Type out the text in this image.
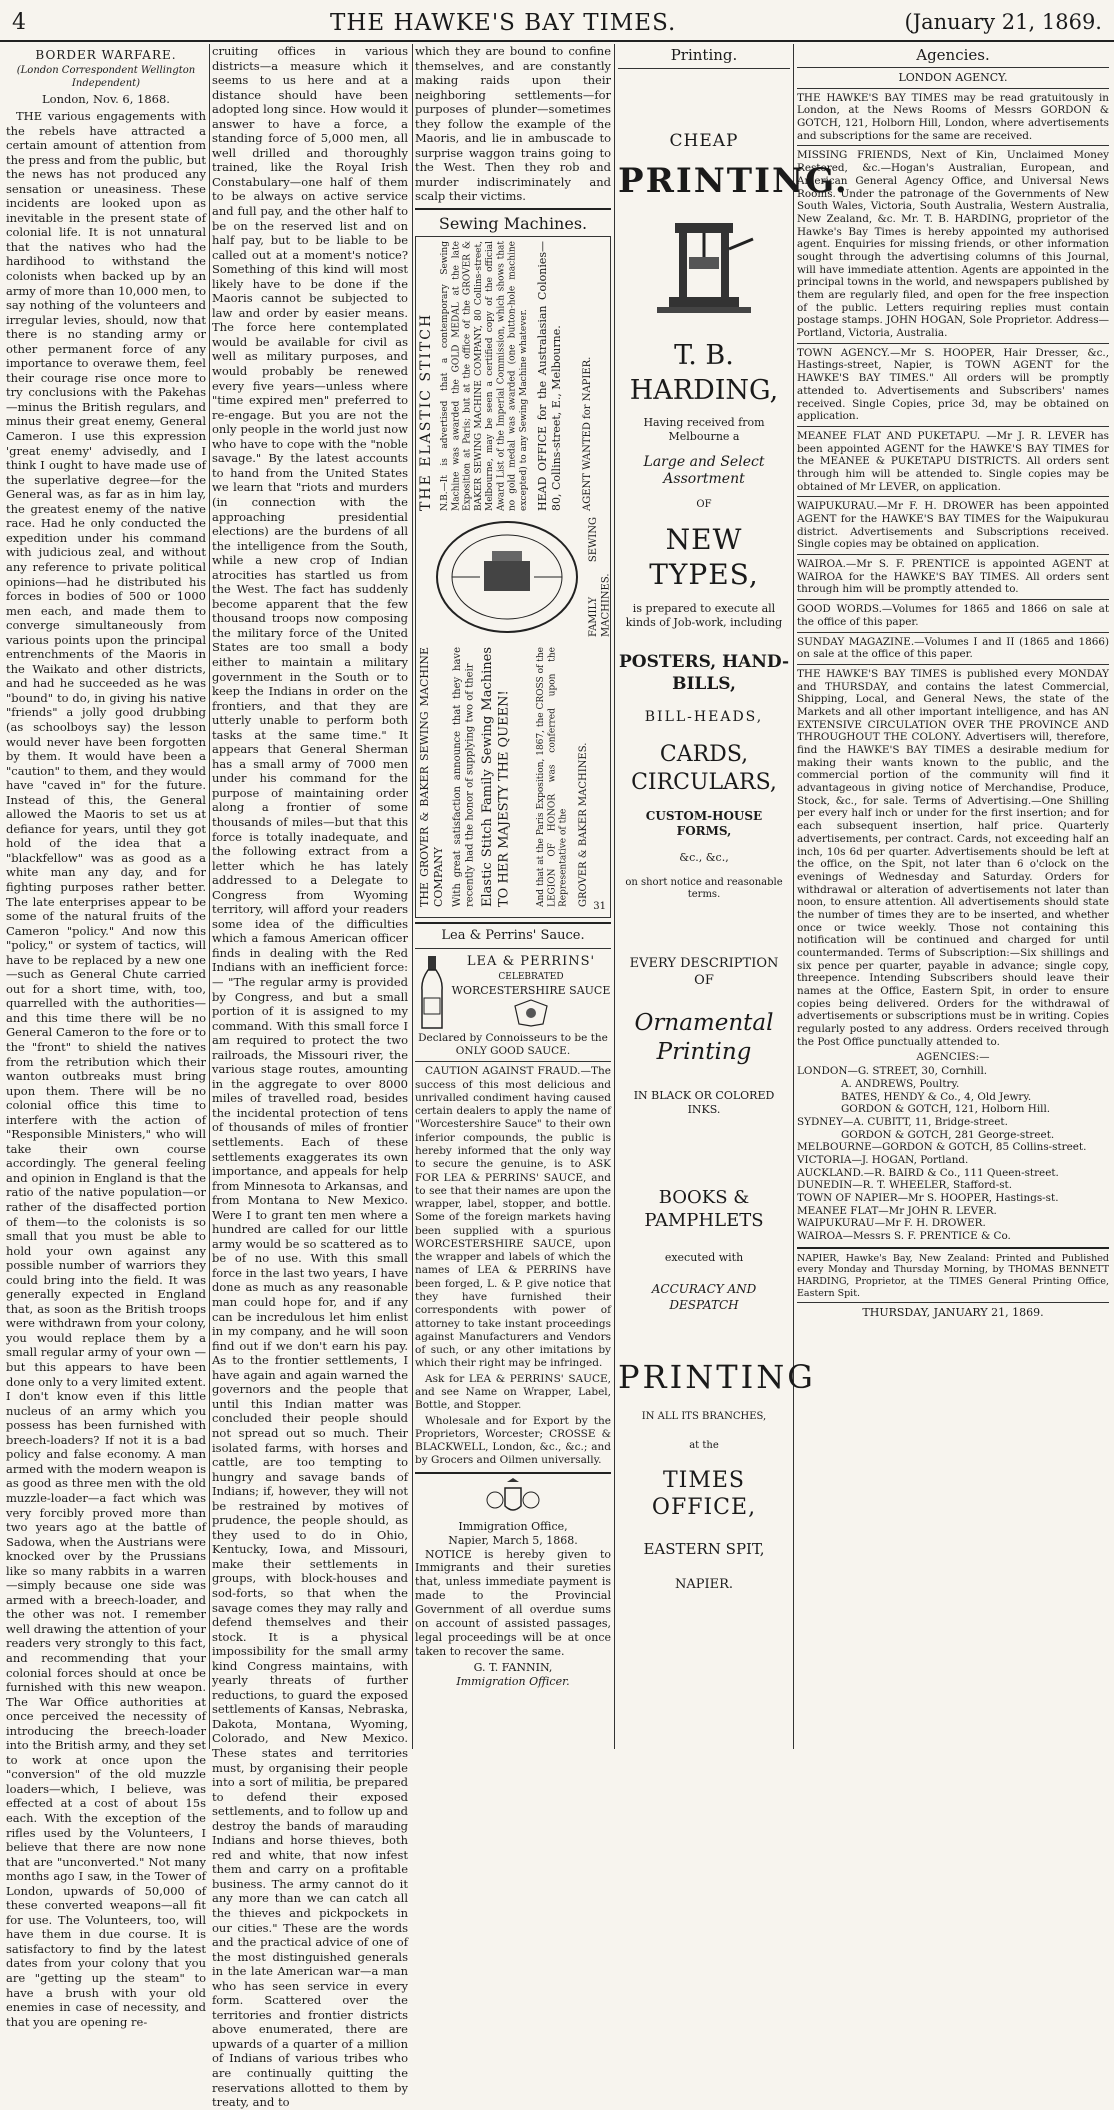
4	THE HAWKE'S BAY TIMES.	(January 21, 1869.
BORDER WARFARE.
(London Correspondent Wellington Independent)
London, Nov. 6, 1868.

THE various engagements with the rebels have attracted a certain amount of attention from the press and from the public, but the news has not produced any sensation or uneasiness. These incidents are looked upon as inevitable in the present state of colonial life. It is not unnatural that the natives who had the hardihood to withstand the colonists when backed up by an army of more than 10,000 men, to say nothing of the volunteers and irregular levies, should, now that there is no standing army or other permanent force of any importance to overawe them, feel their courage rise once more to try conclusions with the Pakehas—minus the British regulars, and minus their great enemy, General Cameron. I use this expression 'great enemy' advisedly, and I think I ought to have made use of the superlative degree—for the General was, as far as in him lay, the greatest enemy of the native race. Had he only conducted the expedition under his command with judicious zeal, and without any reference to private political opinions—had he distributed his forces in bodies of 500 or 1000 men each, and made them to converge simultaneously from various points upon the principal entrenchments of the Maoris in the Waikato and other districts, and had he succeeded as he was "bound" to do, in giving his native "friends" a jolly good drubbing (as schoolboys say) the lesson would never have been forgotten by them. It would have been a "caution" to them, and they would have "caved in" for the future. Instead of this, the General allowed the Maoris to set us at defiance for years, until they got hold of the idea that a "blackfellow" was as good as a white man any day, and for fighting purposes rather better. The late enterprises appear to be some of the natural fruits of the Cameron "policy." And now this "policy," or system of tactics, will have to be replaced by a new one—such as General Chute carried out for a short time, with, too, quarrelled with the authorities—and this time there will be no General Cameron to the fore or to the "front" to shield the natives from the retribution which their wanton outbreaks must bring upon them. There will be no colonial office this time to interfere with the action of "Responsible Ministers," who will take their own course accordingly. The general feeling and opinion in England is that the ratio of the native population—or rather of the disaffected portion of them—to the colonists is so small that you must be able to hold your own against any possible number of warriors they could bring into the field. It was generally expected in England that, as soon as the British troops were withdrawn from your colony, you would replace them by a small regular army of your own —but this appears to have been done only to a very limited extent. I don't know even if this little nucleus of an army which you possess has been furnished with breech-loaders? If not it is a bad policy and false economy. A man armed with the modern weapon is as good as three men with the old muzzle-loader—a fact which was very forcibly proved more than two years ago at the battle of Sadowa, when the Austrians were knocked over by the Prussians like so many rabbits in a warren—simply because one side was armed with a breech-loader, and the other was not. I remember well drawing the attention of your readers very strongly to this fact, and recommending that your colonial forces should at once be furnished with this new weapon. The War Office authorities at once perceived the necessity of introducing the breech-loader into the British army, and they set to work at once upon the "conversion" of the old muzzle loaders—which, I believe, was effected at a cost of about 15s each. With the exception of the rifles used by the Volunteers, I believe that there are now none that are "unconverted." Not many months ago I saw, in the Tower of London, upwards of 50,000 of these converted weapons—all fit for use. The Volunteers, too, will have them in due course. It is satisfactory to find by the latest dates from your colony that you are "getting up the steam" to have a brush with your old enemies in case of necessity, and that you are opening re-

cruiting offices in various districts—a measure which it seems to us here and at a distance should have been adopted long since. How would it answer to have a force, a standing force of 5,000 men, all well drilled and thoroughly trained, like the Royal Irish Constabulary—one half of them to be always on active service and full pay, and the other half to be on the reserved list and on half pay, but to be liable to be called out at a moment's notice? Something of this kind will most likely have to be done if the Maoris cannot be subjected to law and order by easier means. The force here contemplated would be available for civil as well as military purposes, and would probably be renewed every five years—unless where "time expired men" preferred to re-engage. But you are not the only people in the world just now who have to cope with the "noble savage." By the latest accounts to hand from the United States we learn that "riots and murders (in connection with the approaching presidential elections) are the burdens of all the intelligence from the South, while a new crop of Indian atrocities has startled us from the West. The fact has suddenly become apparent that the few thousand troops now composing the military force of the United States are too small a body either to maintain a military government in the South or to keep the Indians in order on the frontiers, and that they are utterly unable to perform both tasks at the same time." It appears that General Sherman has a small army of 7000 men under his command for the purpose of maintaining order along a frontier of some thousands of miles—but that this force is totally inadequate, and the following extract from a letter which he has lately addressed to a Delegate to Congress from Wyoming territory, will afford your readers some idea of the difficulties which a famous American officer finds in dealing with the Red Indians with an inefficient force:— "The regular army is provided by Congress, and but a small portion of it is assigned to my command. With this small force I am required to protect the two railroads, the Missouri river, the various stage routes, amounting in the aggregate to over 8000 miles of travelled road, besides the incidental protection of tens of thousands of miles of frontier settlements. Each of these settlements exaggerates its own importance, and appeals for help from Minnesota to Arkansas, and from Montana to New Mexico. Were I to grant ten men where a hundred are called for our little army would be so scattered as to be of no use. With this small force in the last two years, I have done as much as any reasonable man could hope for, and if any can be incredulous let him enlist in my company, and he will soon find out if we don't earn his pay. As to the frontier settlements, I have again and again warned the governors and the people that until this Indian matter was concluded their people should not spread out so much. Their isolated farms, with horses and cattle, are too tempting to hungry and savage bands of Indians; if, however, they will not be restrained by motives of prudence, the people should, as they used to do in Ohio, Kentucky, Iowa, and Missouri, make their settlements in groups, with block-houses and sod-forts, so that when the savage comes they may rally and defend themselves and their stock. It is a physical impossibility for the small army kind Congress maintains, with yearly threats of further reductions, to guard the exposed settlements of Kansas, Nebraska, Dakota, Montana, Wyoming, Colorado, and New Mexico. These states and territories must, by organising their people into a sort of militia, be prepared to defend their exposed settlements, and to follow up and destroy the bands of marauding Indians and horse thieves, both red and white, that now infest them and carry on a profitable business. The army cannot do it any more than we can catch all the thieves and pickpockets in our cities." These are the words and the practical advice of one of the most distinguished generals in the late American war—a man who has seen service in every form. Scattered over the territories and frontier districts above enumerated, there are upwards of a quarter of a million of Indians of various tribes who are continually quitting the reservations allotted to them by treaty, and to

which they are bound to confine themselves, and are constantly making raids upon their neighboring settlements—for purposes of plunder—sometimes they follow the example of the Maoris, and lie in ambuscade to surprise waggon trains going to the West. Then they rob and murder indiscriminately and scalp their victims.

Sewing Machines.
THE ELASTIC STITCH N.B.—It is advertised that a contemporary Sewing Machine was awarded the GOLD MEDAL at the late Exposition at Paris; but at the office of the GROVER & BAKER SEWING MACHINE COMPANY, 80 Collins-street, Melbourne, may be seen a certified copy of the official Award List of the Imperial Commission, which shows that no gold medal was awarded (one button-hole machine excepted) to any Sewing Machine whatever. HEAD OFFICE for the Australasian Colonies— 80, Collins-street, E., Melbourne. AGENT WANTED for NAPIER.
FAMILY SEWING MACHINES.
THE GROVER & BAKER SEWING MACHINE COMPANY With great satisfaction announce that they have recently had the honor of supplying two of their Elastic Stitch Family Sewing Machines TO HER MAJESTY THE QUEEN!	And that at the Paris Exposition, 1867, the CROSS of the LEGION OF HONOR was conferred upon the Representative of the GROVER & BAKER MACHINES. 31
Lea & Perrins' Sauce.
LEA & PERRINS'
CELEBRATED
WORCESTERSHIRE SAUCE
Declared by Connoisseurs to be the ONLY GOOD SAUCE.

CAUTION AGAINST FRAUD.—The success of this most delicious and unrivalled condiment having caused certain dealers to apply the name of "Worcestershire Sauce" to their own inferior compounds, the public is hereby informed that the only way to secure the genuine, is to ASK FOR LEA & PERRINS' SAUCE, and to see that their names are upon the wrapper, label, stopper, and bottle. Some of the foreign markets having been supplied with a spurious WORCESTERSHIRE SAUCE, upon the wrapper and labels of which the names of LEA & PERRINS have been forged, L. & P. give notice that they have furnished their correspondents with power of attorney to take instant proceedings against Manufacturers and Vendors of such, or any other imitations by which their right may be infringed.

Ask for LEA & PERRINS' SAUCE, and see Name on Wrapper, Label, Bottle, and Stopper.

Wholesale and for Export by the Proprietors, Worcester; CROSSE & BLACKWELL, London, &c., &c.; and by Grocers and Oilmen universally.

Immigration Office,
Napier, March 5, 1868.

NOTICE is hereby given to Immigrants and their sureties that, unless immediate payment is made to the Provincial Government of all overdue sums on account of assisted passages, legal proceedings will be at once taken to recover the same.

G. T. FANNIN,
Immigration Officer.
Printing.
CHEAP
PRINTING.
T. B. HARDING,
Having received from Melbourne a
Large and Select Assortment
OF
NEW TYPES,
is prepared to execute all kinds of Job-work, including
POSTERS, HAND-BILLS,
BILL-HEADS,
CARDS, CIRCULARS,
CUSTOM-HOUSE FORMS,
&c., &c.,
on short notice and reasonable terms.
EVERY DESCRIPTION OF
Ornamental Printing
IN BLACK OR COLORED INKS.
BOOKS & PAMPHLETS
executed with
ACCURACY AND DESPATCH
PRINTING
IN ALL ITS BRANCHES,
at the
TIMES OFFICE,
EASTERN SPIT,
NAPIER.
Agencies.
LONDON AGENCY.

THE HAWKE'S BAY TIMES may be read gratuitously in London, at the News Rooms of Messrs GORDON & GOTCH, 121, Holborn Hill, London, where advertisements and subscriptions for the same are received.

MISSING FRIENDS, Next of Kin, Unclaimed Money Restored, &c.—Hogan's Australian, European, and American General Agency Office, and Universal News Rooms. Under the patronage of the Governments of New South Wales, Victoria, South Australia, Western Australia, New Zealand, &c. Mr. T. B. HARDING, proprietor of the Hawke's Bay Times is hereby appointed my authorised agent. Enquiries for missing friends, or other information sought through the advertising columns of this Journal, will have immediate attention. Agents are appointed in the principal towns in the world, and newspapers published by them are regularly filed, and open for the free inspection of the public. Letters requiring replies must contain postage stamps. JOHN HOGAN, Sole Proprietor. Address—Portland, Victoria, Australia.

TOWN AGENCY.—Mr S. HOOPER, Hair Dresser, &c., Hastings-street, Napier, is TOWN AGENT for the HAWKE'S BAY TIMES." All orders will be promptly attended to. Advertisements and Subscribers' names received. Single Copies, price 3d, may be obtained on application.

MEANEE FLAT AND PUKETAPU. —Mr J. R. LEVER has been appointed AGENT for the HAWKE'S BAY TIMES for the MEANEE & PUKETAPU DISTRICTS. All orders sent through him will be attended to. Single copies may be obtained of Mr LEVER, on application.

WAIPUKURAU.—Mr F. H. DROWER has been appointed AGENT for the HAWKE'S BAY TIMES for the Waipukurau district. Advertisements and Subscriptions received. Single copies may be obtained on application.

WAIROA.—Mr S. F. PRENTICE is appointed AGENT at WAIROA for the HAWKE'S BAY TIMES. All orders sent through him will be promptly attended to.

GOOD WORDS.—Volumes for 1865 and 1866 on sale at the office of this paper.

SUNDAY MAGAZINE.—Volumes I and II (1865 and 1866) on sale at the office of this paper.

THE HAWKE'S BAY TIMES is published every MONDAY and THURSDAY, and contains the latest Commercial, Shipping, Local, and General News, the state of the Markets and all other important intelligence, and has AN EXTENSIVE CIRCULATION OVER THE PROVINCE AND THROUGHOUT THE COLONY. Advertisers will, therefore, find the HAWKE'S BAY TIMES a desirable medium for making their wants known to the public, and the commercial portion of the community will find it advantageous in giving notice of Merchandise, Produce, Stock, &c., for sale. Terms of Advertising.—One Shilling per every half inch or under for the first insertion; and for each subsequent insertion, half price. Quarterly advertisements, per contract. Cards, not exceeding half an inch, 10s 6d per quarter. Advertisements should be left at the office, on the Spit, not later than 6 o'clock on the evenings of Wednesday and Saturday. Orders for withdrawal or alteration of advertisements not later than noon, to ensure attention. All advertisements should state the number of times they are to be inserted, and whether once or twice weekly. Those not containing this notification will be continued and charged for until countermanded. Terms of Subscription:—Six shillings and six pence per quarter, payable in advance; single copy, threepence. Intending Subscribers should leave their names at the Office, Eastern Spit, in order to ensure copies being delivered. Orders for the withdrawal of advertisements or subscriptions must be in writing. Copies regularly posted to any address. Orders received through the Post Office punctually attended to.

AGENCIES:—
LONDON—G. STREET, 30, Cornhill.
A. ANDREWS, Poultry.
BATES, HENDY & Co., 4, Old Jewry.
GORDON & GOTCH, 121, Holborn Hill.
SYDNEY—A. CUBITT, 11, Bridge-street.
GORDON & GOTCH, 281 George-street.
MELBOURNE—GORDON & GOTCH, 85 Collins-street.
VICTORIA—J. HOGAN, Portland.
AUCKLAND.—R. BAIRD & Co., 111 Queen-street.
DUNEDIN—R. T. WHEELER, Stafford-st.
TOWN OF NAPIER—Mr S. HOOPER, Hastings-st.
MEANEE FLAT—Mr JOHN R. LEVER.
WAIPUKURAU—Mr F. H. DROWER.
WAIROA—Messrs S. F. PRENTICE & Co.

NAPIER, Hawke's Bay, New Zealand: Printed and Published every Monday and Thursday Morning, by THOMAS BENNETT HARDING, Proprietor, at the TIMES General Printing Office, Eastern Spit.

THURSDAY, JANUARY 21, 1869.
